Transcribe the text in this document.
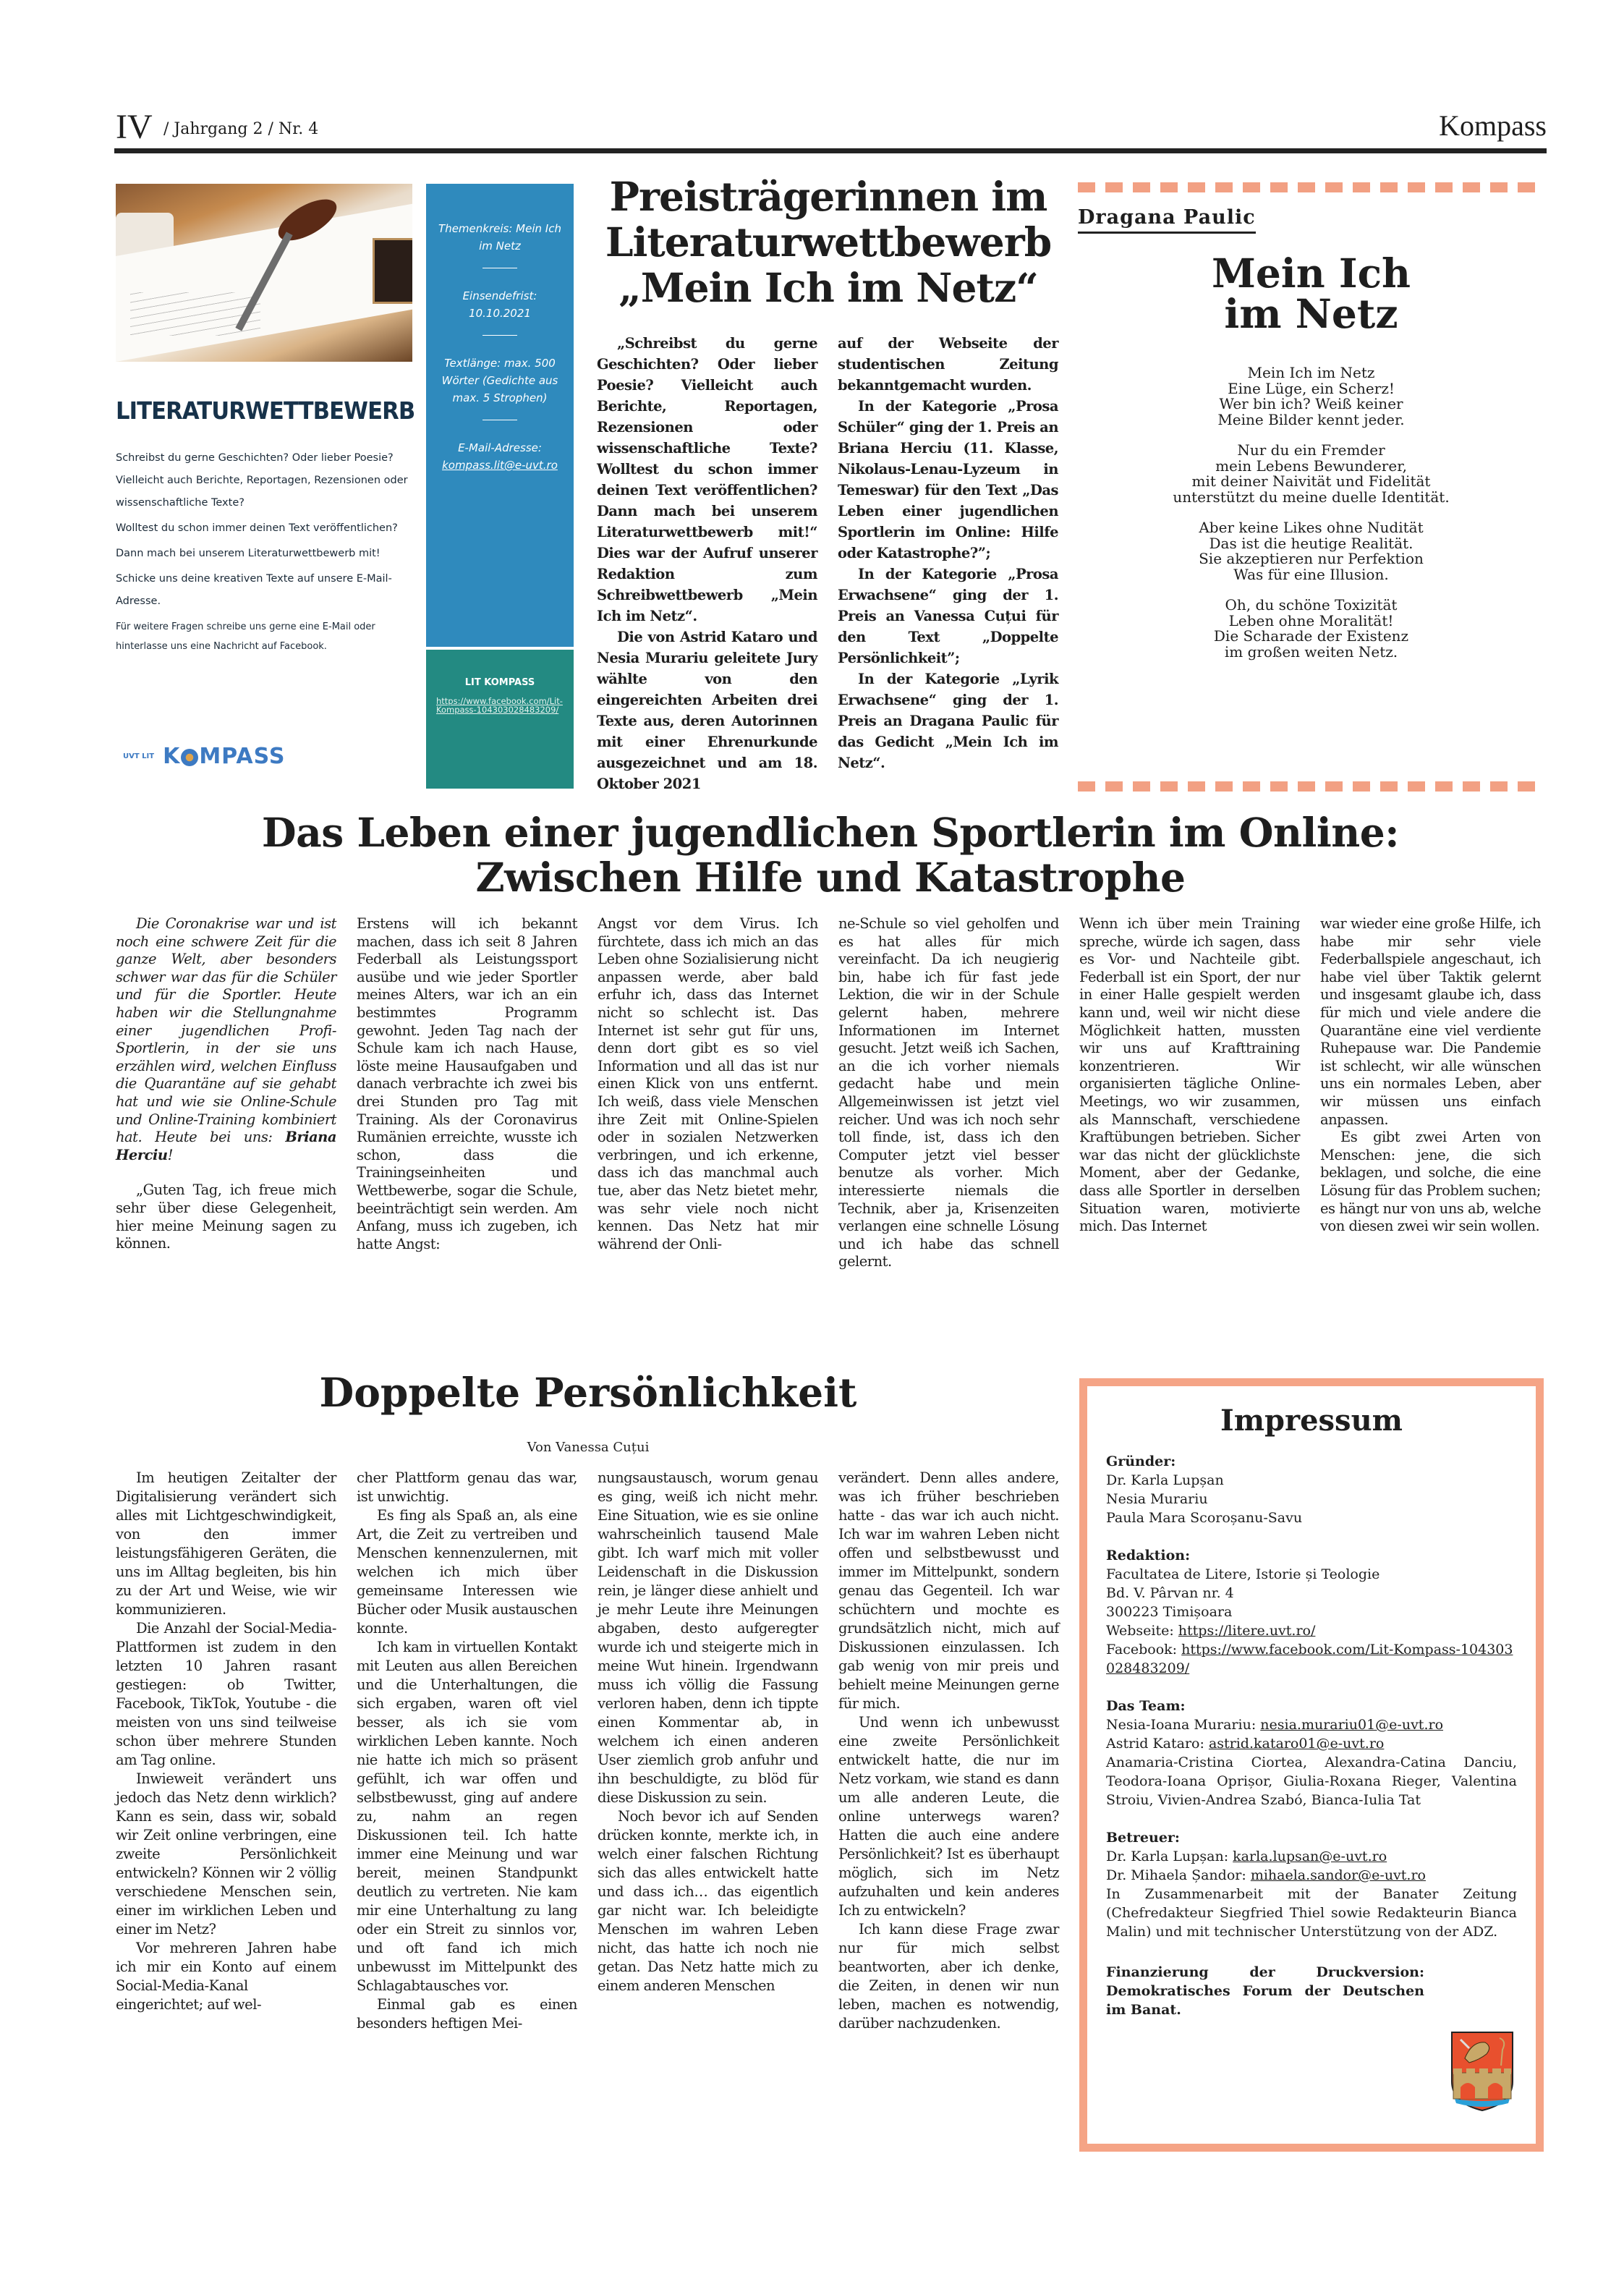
IV / Jahrgang 2 / Nr. 4	Kompass
LITERATURWETTBEWERB

Schreibst du gerne Geschichten? Oder lieber Poesie? Vielleicht auch Berichte, Reportagen, Rezensionen oder wissenschaftliche Texte?

Wolltest du schon immer deinen Text veröffentlichen?

Dann mach bei unserem Literaturwettbewerb mit!

Schicke uns deine kreativen Texte auf unsere E-Mail-Adresse.

Für weitere Fragen schreibe uns gerne eine E-Mail oder hinterlasse uns eine Nachricht auf Facebook.

UVT LIT K MPASS
Themenkreis: Mein Ich im Netz
Einsendefrist:
10.10.2021
Textlänge: max. 500 Wörter (Gedichte aus max. 5 Strophen)
E-Mail-Adresse:
kompass.lit@e-uvt.ro
LIT KOMPASS
https://www.facebook.com/Lit-Kompass-104303028483209/
Preisträgerinnen im Literaturwettbewerb „Mein Ich im Netz“

„Schreibst du gerne Geschichten? Oder lieber Poesie? Vielleicht auch Berichte, Reportagen, Rezensionen oder wissenschaftliche Texte? Wolltest du schon immer deinen Text veröffentlichen? Dann mach bei unserem Literaturwettbewerb mit!“ Dies war der Aufruf unserer Redaktion zum Schreibwettbewerb „Mein Ich im Netz“.

Die von Astrid Kataro und Nesia Murariu geleitete Jury wählte von den eingereichten Arbeiten drei Texte aus, deren Autorinnen mit einer Ehrenurkunde ausgezeichnet und am 18. Oktober 2021

auf der Webseite der studentischen Zeitung bekanntgemacht wurden.

In der Kategorie „Prosa Schüler“ ging der 1. Preis an Briana Herciu (11. Klasse, Nikolaus-Lenau-Lyzeum in Temeswar) für den Text „Das Leben einer jugendlichen Sportlerin im Online: Hilfe oder Katastrophe?”;

In der Kategorie „Prosa Erwachsene“ ging der 1. Preis an Vanessa Cuțui für den Text „Doppelte Persönlichkeit”;

In der Kategorie „Lyrik Erwachsene“ ging der 1. Preis an Dragana Paulic für das Gedicht „Mein Ich im Netz“.

Dragana Paulic
Mein Ich
im Netz
Mein Ich im Netz
Eine Lüge, ein Scherz!
Wer bin ich? Weiß keiner
Meine Bilder kennt jeder.
Nur du ein Fremder
mein Lebens Bewunderer,
mit deiner Naivität und Fidelität
unterstützt du meine duelle Identität.
Aber keine Likes ohne Nudität
Das ist die heutige Realität.
Sie akzeptieren nur Perfektion
Was für eine Illusion.
Oh, du schöne Toxizität
Leben ohne Moralität!
Die Scharade der Existenz
im großen weiten Netz.
Das Leben einer jugendlichen Sportlerin im Online:
Zwischen Hilfe und Katastrophe

Die Coronakrise war und ist noch eine schwere Zeit für die ganze Welt, aber besonders schwer war das für die Schüler und für die Sportler. Heute haben wir die Stellungnahme einer jugendlichen Profi-Sportlerin, in der sie uns erzählen wird, welchen Einfluss die Quarantäne auf sie gehabt hat und wie sie Online-Schule und Online-Training kombiniert hat. Heute bei uns: Briana Herciu!

„Guten Tag, ich freue mich sehr über diese Gelegenheit, hier meine Meinung sagen zu können.

Erstens will ich bekannt machen, dass ich seit 8 Jahren Federball als Leistungssport ausübe und wie jeder Sportler meines Alters, war ich an ein bestimmtes Programm gewohnt. Jeden Tag nach der Schule kam ich nach Hause, löste meine Hausaufgaben und danach verbrachte ich zwei bis drei Stunden pro Tag mit Training. Als der Coronavirus Rumänien erreichte, wusste ich schon, dass die Trainingseinheiten und Wettbewerbe, sogar die Schule, beeinträchtigt sein werden. Am Anfang, muss ich zugeben, ich hatte Angst:

Angst vor dem Virus. Ich fürchtete, dass ich mich an das Leben ohne Sozialisierung nicht anpassen werde, aber bald erfuhr ich, dass das Internet nicht so schlecht ist. Das Internet ist sehr gut für uns, denn dort gibt es so viel Information und all das ist nur einen Klick von uns entfernt. Ich weiß, dass viele Menschen ihre Zeit mit Online-Spielen oder in sozialen Netzwerken verbringen, und ich erkenne, dass ich das manchmal auch tue, aber das Netz bietet mehr, was sehr viele noch nicht kennen. Das Netz hat mir während der Onli-

ne-Schule so viel geholfen und es hat alles für mich vereinfacht. Da ich neugierig bin, habe ich für fast jede Lektion, die wir in der Schule gelernt haben, mehrere Informationen im Internet gesucht. Jetzt weiß ich Sachen, an die ich vorher niemals gedacht habe und mein Allgemeinwissen ist jetzt viel reicher. Und was ich noch sehr toll finde, ist, dass ich den Computer jetzt viel besser benutze als vorher. Mich interessierte niemals die Technik, aber ja, Krisenzeiten verlangen eine schnelle Lösung und ich habe das schnell gelernt.

Wenn ich über mein Training spreche, würde ich sagen, dass es Vor- und Nachteile gibt. Federball ist ein Sport, der nur in einer Halle gespielt werden kann und, weil wir nicht diese Möglichkeit hatten, mussten wir uns auf Krafttraining konzentrieren. Wir organisierten tägliche Online-Meetings, wo wir zusammen, als Mannschaft, verschiedene Kraftübungen betrieben. Sicher war das nicht der glücklichste Moment, aber der Gedanke, dass alle Sportler in derselben Situation waren, motivierte mich. Das Internet

war wieder eine große Hilfe, ich habe mir sehr viele Federballspiele angeschaut, ich habe viel über Taktik gelernt und insgesamt glaube ich, dass für mich und viele andere die Quarantäne eine viel verdiente Ruhepause war. Die Pandemie ist schlecht, wir alle wünschen uns ein normales Leben, aber wir müssen uns einfach anpassen.

Es gibt zwei Arten von Menschen: jene, die sich beklagen, und solche, die eine Lösung für das Problem suchen; es hängt nur von uns ab, welche von diesen zwei wir sein wollen.

Doppelte Persönlichkeit
Von Vanessa Cuțui

Im heutigen Zeitalter der Digitalisierung verändert sich alles mit Lichtgeschwindigkeit, von den immer leistungsfähigeren Geräten, die uns im Alltag begleiten, bis hin zu der Art und Weise, wie wir kommunizieren.

Die Anzahl der Social-Media-Plattformen ist zudem in den letzten 10 Jahren rasant gestiegen: ob Twitter, Facebook, TikTok, Youtube - die meisten von uns sind teilweise schon über mehrere Stunden am Tag online.

Inwieweit verändert uns jedoch das Netz denn wirklich? Kann es sein, dass wir, sobald wir Zeit online verbringen, eine zweite Persönlichkeit entwickeln? Können wir 2 völlig verschiedene Menschen sein, einer im wirklichen Leben und einer im Netz?

Vor mehreren Jahren habe ich mir ein Konto auf einem Social-Media-Kanal eingerichtet; auf wel-

cher Plattform genau das war, ist unwichtig.

Es fing als Spaß an, als eine Art, die Zeit zu vertreiben und Menschen kennenzulernen, mit welchen ich mich über gemeinsame Interessen wie Bücher oder Musik austauschen konnte.

Ich kam in virtuellen Kontakt mit Leuten aus allen Bereichen und die Unterhaltungen, die sich ergaben, waren oft viel besser, als ich sie vom wirklichen Leben kannte. Noch nie hatte ich mich so präsent gefühlt, ich war offen und selbstbewusst, ging auf andere zu, nahm an regen Diskussionen teil. Ich hatte immer eine Meinung und war bereit, meinen Standpunkt deutlich zu vertreten. Nie kam mir eine Unterhaltung zu lang oder ein Streit zu sinnlos vor, und oft fand ich mich unbewusst im Mittelpunkt des Schlagabtausches vor.

Einmal gab es einen besonders heftigen Mei-

nungsaustausch, worum genau es ging, weiß ich nicht mehr. Eine Situation, wie es sie online wahrscheinlich tausend Male gibt. Ich warf mich mit voller Leidenschaft in die Diskussion rein, je länger diese anhielt und je mehr Leute ihre Meinungen abgaben, desto aufgeregter wurde ich und steigerte mich in meine Wut hinein. Irgendwann muss ich völlig die Fassung verloren haben, denn ich tippte einen Kommentar ab, in welchem ich einen anderen User ziemlich grob anfuhr und ihn beschuldigte, zu blöd für diese Diskussion zu sein.

Noch bevor ich auf Senden drücken konnte, merkte ich, in welch einer falschen Richtung sich das alles entwickelt hatte und dass ich… das eigentlich gar nicht war. Ich beleidigte Menschen im wahren Leben nicht, das hatte ich noch nie getan. Das Netz hatte mich zu einem anderen Menschen

verändert. Denn alles andere, was ich früher beschrieben hatte - das war ich auch nicht. Ich war im wahren Leben nicht offen und selbstbewusst und immer im Mittelpunkt, sondern genau das Gegenteil. Ich war schüchtern und mochte es grundsätzlich nicht, mich auf Diskussionen einzulassen. Ich gab wenig von mir preis und behielt meine Meinungen gerne für mich.

Und wenn ich unbewusst eine zweite Persönlichkeit entwickelt hatte, die nur im Netz vorkam, wie stand es dann um alle anderen Leute, die online unterwegs waren? Hatten die auch eine andere Persönlichkeit? Ist es überhaupt möglich, sich im Netz aufzuhalten und kein anderes Ich zu entwickeln?

Ich kann diese Frage zwar nur für mich selbst beantworten, aber ich denke, die Zeiten, in denen wir nun leben, machen es notwendig, darüber nachzudenken.

Impressum
Gründer:
Dr. Karla Lupșan
Nesia Murariu
Paula Mara Scoroșanu-Savu
Redaktion:
Facultatea de Litere, Istorie și Teologie
Bd. V. Pârvan nr. 4
300223 Timișoara
Webseite: https://litere.uvt.ro/
Facebook: https://www.facebook.com/Lit-Kompass-104303028483209/
Das Team:
Nesia-Ioana Murariu: nesia.murariu01@e-uvt.ro
Astrid Kataro: astrid.kataro01@e-uvt.ro
Anamaria-Cristina Ciortea, Alexandra-Catina Danciu, Teodora-Ioana Oprișor, Giulia-Roxana Rieger, Valentina Stroiu, Vivien-Andrea Szabó, Bianca-Iulia Tat
Betreuer:
Dr. Karla Lupșan: karla.lupsan@e-uvt.ro
Dr. Mihaela Șandor: mihaela.sandor@e-uvt.ro
In Zusammenarbeit mit der Banater Zeitung (Chefredakteur Siegfried Thiel sowie Redakteurin Bianca Malin) und mit technischer Unterstützung von der ADZ.
Finanzierung der Druckversion: Demokratisches Forum der Deutschen im Banat.
